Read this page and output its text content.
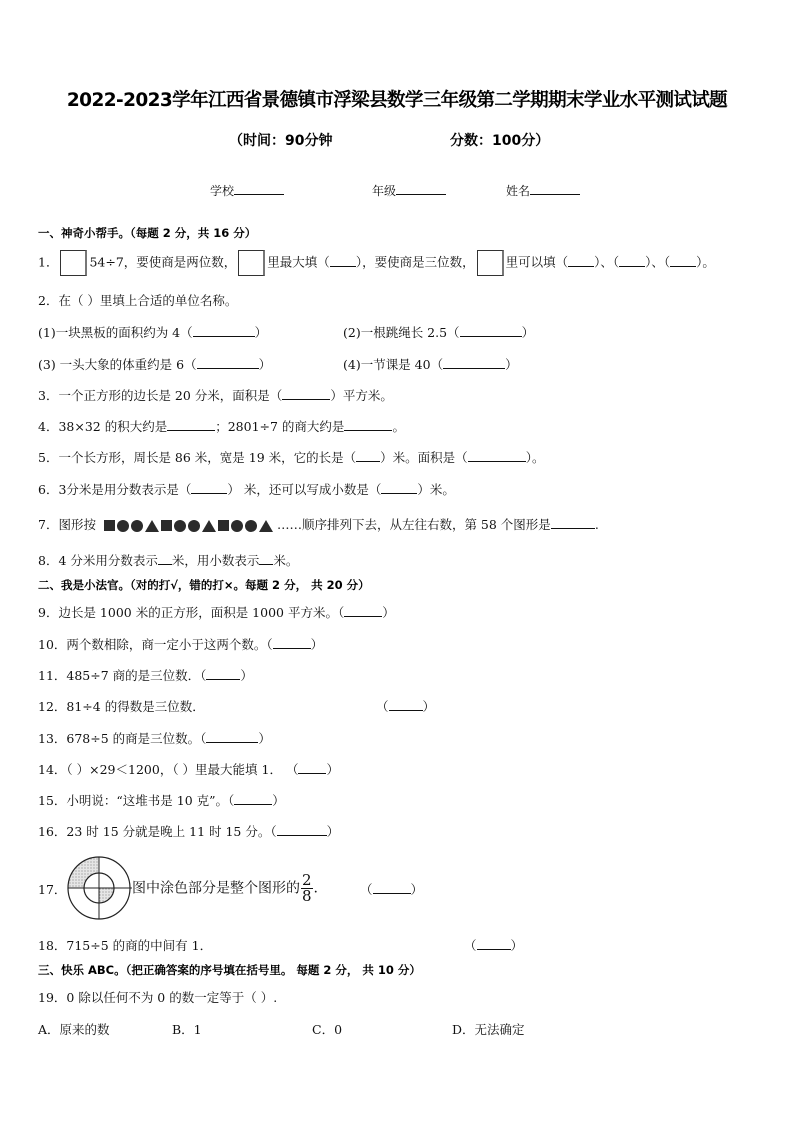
2022-2023学年江西省景德镇市浮梁县数学三年级第二学期期末学业水平测试试题
（时间：90分钟	分数：100分）
学校	年级	姓名
一、神奇小帮手。（每题 2 分，共 16 分）
1． 54÷7，要使商是两位数， 里最大填（ ），要使商是三位数， 里可以填（ ）、（ ）、（ ）。
2．在（ ）里填上合适的单位名称。
(1)一块黑板的面积约为 4（	）	(2)一根跳绳长 2.5（	）
(3) 一头大象的体重约是 6（	）	(4)一节课是 40（	）
3．一个正方形的边长是 20 分米，面积是（	）平方米。
4．38×32 的积大约是	；2801÷7 的商大约是	。
5．一个长方形，周长是 86 米，宽是 19 米，它的长是（ ）米。面积是（	）。
6．3分米是用分数表示是（	） 米，还可以写成小数是（	）米。
7．图形按	……顺序排列下去，从左往右数，第 58 个图形是	.
8．4 分米用分数表示 米，用小数表示 米。
二、我是小法官。（对的打√，错的打×。每题 2 分， 共 20 分）
9．边长是 1000 米的正方形，面积是 1000 平方米。（	）
10．两个数相除，商一定小于这两个数。（	）
11．485÷7 商的是三位数．（	）
12．81÷4 的得数是三位数．	（	）
13．678÷5 的商是三位数。（	）
14．（ ）×29＜1200，（ ）里最大能填 1． （ ）
15．小明说：“这堆书是 10 克”。（	）
16．23 时 15 分就是晚上 11 时 15 分。（	）
17．	图中涂色部分是整个图形的 $\frac{2}{8}$ .	（	）
18．715÷5 的商的中间有 1．	（	）
三、快乐 ABC。（把正确答案的序号填在括号里。 每题 2 分， 共 10 分）
19．0 除以任何不为 0 的数一定等于（ ）.
A．原来的数	B．1	C．0	D．无法确定
